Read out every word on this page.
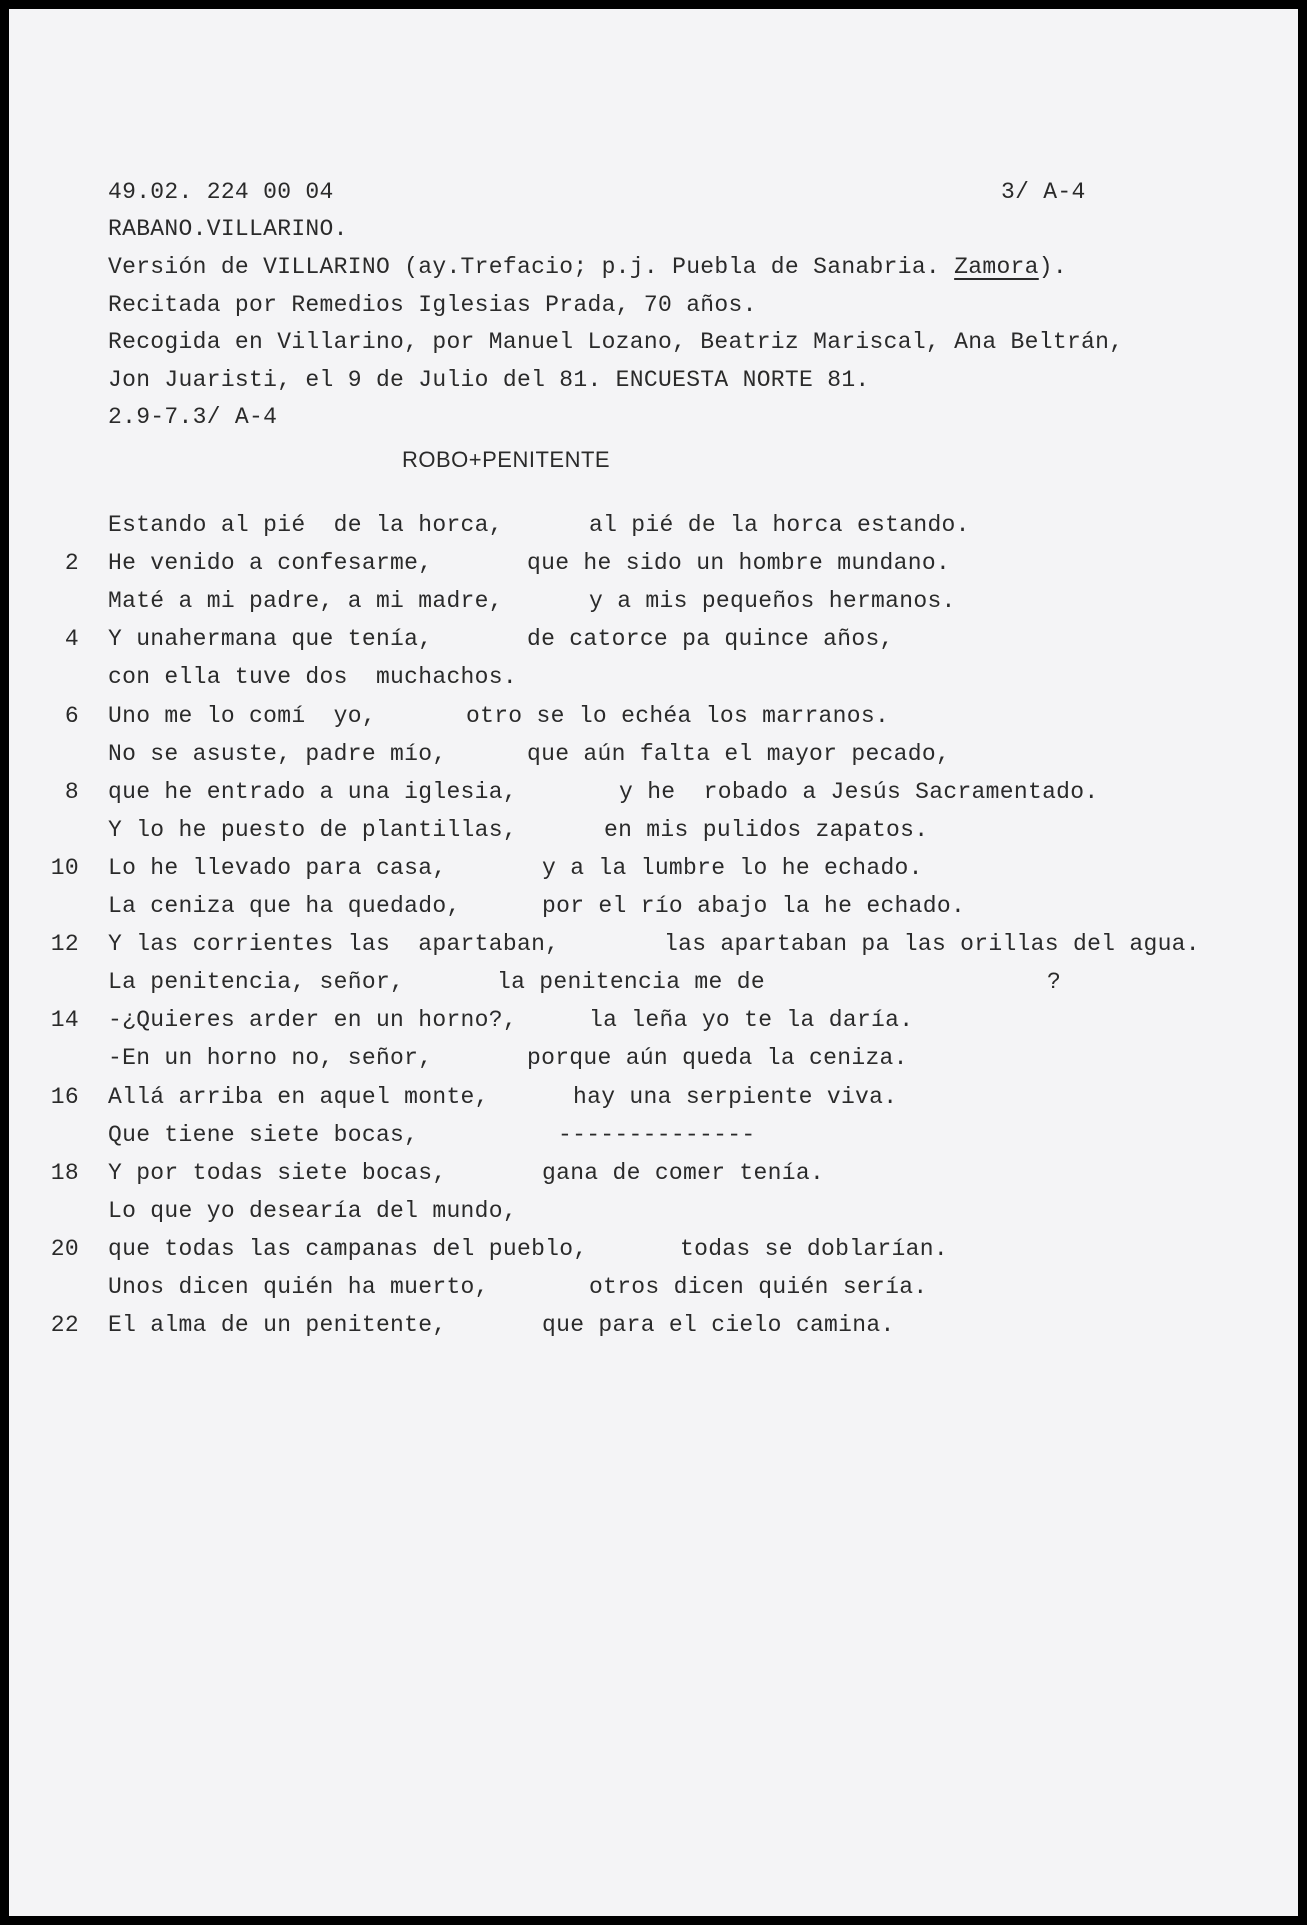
49.02. 224 00 04	3/ A-4
RABANO.VILLARINO.
Versión de VILLARINO (ay.Trefacio; p.j. Puebla de Sanabria. Zamora).
Recitada por Remedios Iglesias Prada, 70 años.
Recogida en Villarino, por Manuel Lozano, Beatriz Mariscal, Ana Beltrán,
Jon Juaristi, el 9 de Julio del 81. ENCUESTA NORTE 81.
2.9-7.3/ A-4
ROBO+PENITENTE
Estando al pié  de la horca,	al pié de la horca estando.
2 He venido a confesarme,	que he sido un hombre mundano.
Maté a mi padre, a mi madre,	y a mis pequeños hermanos.
4 Y unahermana que tenía,	de catorce pa quince años,
con ella tuve dos  muchachos.
6 Uno me lo comí  yo,	otro se lo echéa los marranos.
No se asuste, padre mío,	que aún falta el mayor pecado,
8 que he entrado a una iglesia,	y he  robado a Jesús Sacramentado.
Y lo he puesto de plantillas,	en mis pulidos zapatos.
10 Lo he llevado para casa,	y a la lumbre lo he echado.
La ceniza que ha quedado,	por el río abajo la he echado.
12 Y las corrientes las  apartaban,	las apartaban pa las orillas del agua.
La penitencia, señor,	la penitencia me de                    ?
14 -¿Quieres arder en un horno?,	la leña yo te la daría.
-En un horno no, señor,	porque aún queda la ceniza.
16 Allá arriba en aquel monte,	hay una serpiente viva.
Que tiene siete bocas,	--------------
18 Y por todas siete bocas,	gana de comer tenía.
Lo que yo desearía del mundo,
20 que todas las campanas del pueblo,	todas se doblarían.
Unos dicen quién ha muerto,	otros dicen quién sería.
22 El alma de un penitente,	que para el cielo camina.
